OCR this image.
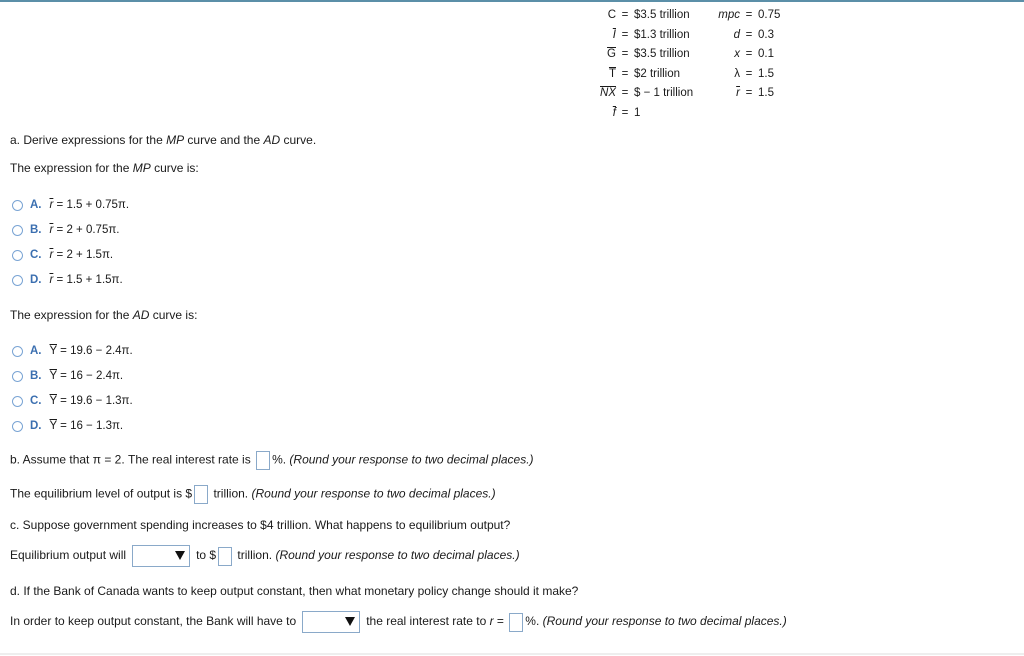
C = $3.5 trillion
$\overline{I}$ = $1.3 trillion
$\overline{G}$ = $3.5 trillion
$\overline{T}$ = $2 trillion
$\overline{NX}$ = $ − 1 trillion
$\overline{f} = 1$
mpc = 0.75
d = 0.3
x = 0.1
λ = 1.5
$\overline{r} = 1.5$
a. Derive expressions for the MP curve and the AD curve.
The expression for the MP curve is:
A. $\overline{r} = 1.5 + 0.75\pi$.
B. $\overline{r} = 2 + 0.75\pi$.
C. $\overline{r} = 2 + 1.5\pi$.
D. $\overline{r} = 1.5 + 1.5\pi$.
The expression for the AD curve is:
A. $\overline{Y} = 19.6 - 2.4\pi$.
B. $\overline{Y} = 16 - 2.4\pi$.
C. $\overline{Y} = 19.6 - 1.3\pi$.
D. $\overline{Y} = 16 - 1.3\pi$.
b. Assume that π = 2. The real interest rate is %. (Round your response to two decimal places.)
The equilibrium level of output is $ trillion. (Round your response to two decimal places.)
c. Suppose government spending increases to $4 trillion. What happens to equilibrium output?
Equilibrium output will	to $ trillion. (Round your response to two decimal places.)
d. If the Bank of Canada wants to keep output constant, then what monetary policy change should it make?
In order to keep output constant, the Bank will have to	the real interest rate to r = %. (Round your response to two decimal places.)
